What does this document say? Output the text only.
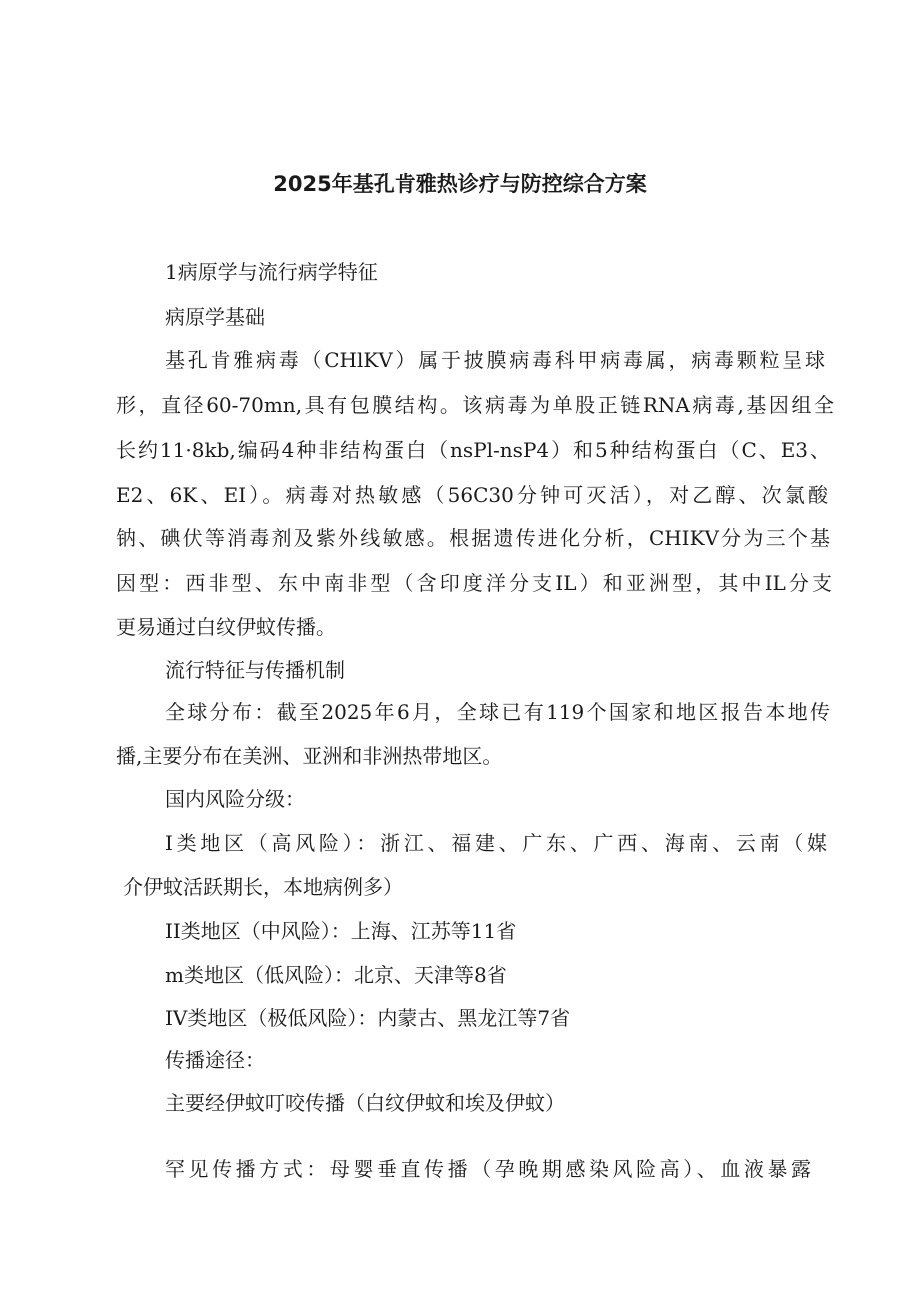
2025年基孔肯雅热诊疗与防控综合方案
1病原学与流行病学特征
病原学基础
基孔肯雅病毒（CHlKV）属于披膜病毒科甲病毒属，病毒颗粒呈球
形，直径60-70mn,具有包膜结构。该病毒为单股正链RNA病毒,基因组全
长约11·8kb,编码4种非结构蛋白（nsPl-nsP4）和5种结构蛋白（C、E3、
E2、6K、EI）。病毒对热敏感（56C30分钟可灭活），对乙醇、次氯酸
钠、碘伏等消毒剂及紫外线敏感。根据遗传进化分析，CHIKV分为三个基
因型：西非型、东中南非型（含印度洋分支IL）和亚洲型，其中IL分支
更易通过白纹伊蚊传播。
流行特征与传播机制
全球分布：截至2025年6月，全球已有119个国家和地区报告本地传
播,主要分布在美洲、亚洲和非洲热带地区。
国内风险分级：
I类地区（高风险）：浙江、福建、广东、广西、海南、云南（媒
介伊蚊活跃期长，本地病例多）
II类地区（中风险）：上海、江苏等11省
m类地区（低风险）：北京、天津等8省
IV类地区（极低风险）：内蒙古、黑龙江等7省
传播途径：
主要经伊蚊叮咬传播（白纹伊蚊和埃及伊蚊）
罕见传播方式：母婴垂直传播（孕晚期感染风险高）、血液暴露
